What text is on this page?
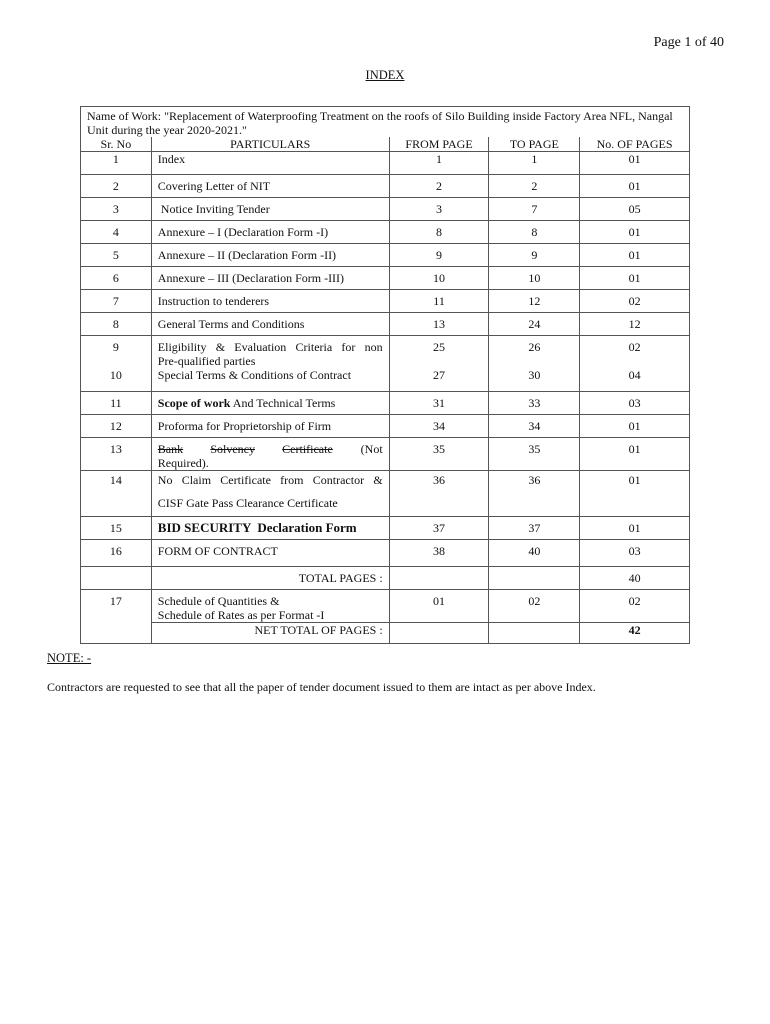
Page 1 of 40
INDEX
Name of Work: "Replacement of Waterproofing Treatment on the roofs of Silo Building inside Factory Area NFL, Nangal Unit during the year 2020-2021."				
Sr. No	PARTICULARS	FROM PAGE	TO PAGE	No. OF PAGES
1	Index	1	1	01
2	Covering Letter of NIT	2	2	01
3	Notice Inviting Tender	3	7	05
4	Annexure – I (Declaration Form -I)	8	8	01
5	Annexure – II (Declaration Form -II)	9	9	01
6	Annexure – III (Declaration Form -III)	10	10	01
7	Instruction to tenderers	11	12	02
8	General Terms and Conditions	13	24	12
9	Eligibility & Evaluation Criteria for non
Pre-qualified parties	25	26	02
10	Special Terms & Conditions of Contract	27	30	04
11	Scope of work And Technical Terms	31	33	03
12	Proforma for Proprietorship of Firm	34	34	01
13	Bank Solvency Certificate (Not
Required).	35	35	01
14	No Claim Certificate from Contractor &
CISF Gate Pass Clearance Certificate	36	36	01
15	BID SECURITY  Declaration Form	37	37	01
16	FORM OF CONTRACT	38	40	03
	TOTAL PAGES :			40
17	Schedule of Quantities &
Schedule of Rates as per Format -I	01	02	02
	NET TOTAL OF PAGES :			42
NOTE: -
Contractors are requested to see that all the paper of tender document issued to them are intact as per above Index.
